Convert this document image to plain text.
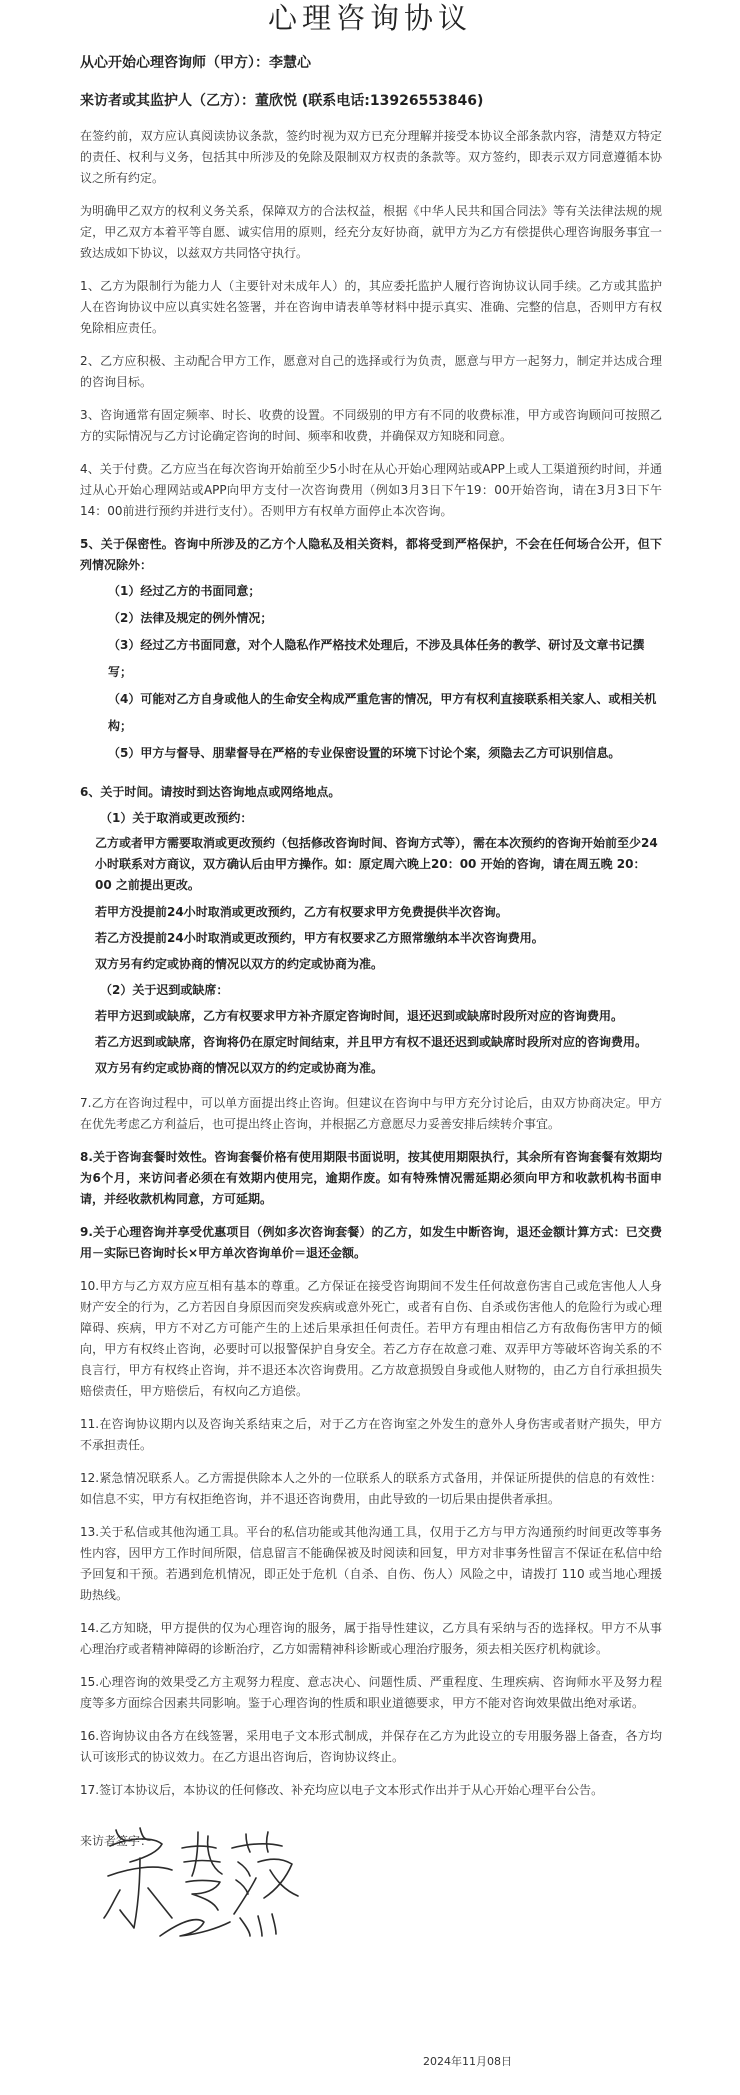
心理咨询协议
从心开始心理咨询师（甲方）：李慧心
来访者或其监护人（乙方）：董欣悦 (联系电话:13926553846)

在签约前，双方应认真阅读协议条款，签约时视为双方已充分理解并接受本协议全部条款内容，清楚双方特定的责任、权利与义务，包括其中所涉及的免除及限制双方权责的条款等。双方签约，即表示双方同意遵循本协议之所有约定。

为明确甲乙双方的权利义务关系，保障双方的合法权益，根据《中华人民共和国合同法》等有关法律法规的规定，甲乙双方本着平等自愿、诚实信用的原则，经充分友好协商，就甲方为乙方有偿提供心理咨询服务事宜一致达成如下协议，以兹双方共同恪守执行。

1、乙方为限制行为能力人（主要针对未成年人）的，其应委托监护人履行咨询协议认同手续。乙方或其监护人在咨询协议中应以真实姓名签署，并在咨询申请表单等材料中提示真实、准确、完整的信息，否则甲方有权免除相应责任。

2、乙方应积极、主动配合甲方工作，愿意对自己的选择或行为负责，愿意与甲方一起努力，制定并达成合理的咨询目标。

3、咨询通常有固定频率、时长、收费的设置。不同级别的甲方有不同的收费标准，甲方或咨询顾问可按照乙方的实际情况与乙方讨论确定咨询的时间、频率和收费，并确保双方知晓和同意。

4、关于付费。乙方应当在每次咨询开始前至少5小时在从心开始心理网站或APP上或人工渠道预约时间，并通过从心开始心理网站或APP向甲方支付一次咨询费用（例如3月3日下午19：00开始咨询，请在3月3日下午14：00前进行预约并进行支付）。否则甲方有权单方面停止本次咨询。

5、关于保密性。咨询中所涉及的乙方个人隐私及相关资料，都将受到严格保护，不会在任何场合公开，但下列情况除外：

（1）经过乙方的书面同意；
（2）法律及规定的例外情况；
（3）经过乙方书面同意，对个人隐私作严格技术处理后，不涉及具体任务的教学、研讨及文章书记撰写；
（4）可能对乙方自身或他人的生命安全构成严重危害的情况，甲方有权利直接联系相关家人、或相关机构；
（5）甲方与督导、朋辈督导在严格的专业保密设置的环境下讨论个案，须隐去乙方可识别信息。
6、关于时间。请按时到达咨询地点或网络地点。
（1）关于取消或更改预约：
乙方或者甲方需要取消或更改预约（包括修改咨询时间、咨询方式等），需在本次预约的咨询开始前至少24小时联系对方商议，双方确认后由甲方操作。如：原定周六晚上20：00 开始的咨询，请在周五晚 20：00 之前提出更改。
若甲方没提前24小时取消或更改预约，乙方有权要求甲方免费提供半次咨询。
若乙方没提前24小时取消或更改预约，甲方有权要求乙方照常缴纳本半次咨询费用。
双方另有约定或协商的情况以双方的约定或协商为准。
（2）关于迟到或缺席：
若甲方迟到或缺席，乙方有权要求甲方补齐原定咨询时间，退还迟到或缺席时段所对应的咨询费用。
若乙方迟到或缺席，咨询将仍在原定时间结束，并且甲方有权不退还迟到或缺席时段所对应的咨询费用。
双方另有约定或协商的情况以双方的约定或协商为准。

7.乙方在咨询过程中，可以单方面提出终止咨询。但建议在咨询中与甲方充分讨论后，由双方协商决定。甲方在优先考虑乙方利益后，也可提出终止咨询，并根据乙方意愿尽力妥善安排后续转介事宜。

8.关于咨询套餐时效性。咨询套餐价格有使用期限书面说明，按其使用期限执行，其余所有咨询套餐有效期均为6个月，来访问者必须在有效期内使用完，逾期作废。如有特殊情况需延期必须向甲方和收款机构书面申请，并经收款机构同意，方可延期。

9.关于心理咨询并享受优惠项目（例如多次咨询套餐）的乙方，如发生中断咨询，退还金额计算方式：已交费用－实际已咨询时长×甲方单次咨询单价＝退还金额。

10.甲方与乙方双方应互相有基本的尊重。乙方保证在接受咨询期间不发生任何故意伤害自己或危害他人人身财产安全的行为，乙方若因自身原因而突发疾病或意外死亡，或者有自伤、自杀或伤害他人的危险行为或心理障碍、疾病，甲方不对乙方可能产生的上述后果承担任何责任。若甲方有理由相信乙方有敌侮伤害甲方的倾向，甲方有权终止咨询，必要时可以报警保护自身安全。若乙方存在故意刁难、双弄甲方等破坏咨询关系的不良言行，甲方有权终止咨询，并不退还本次咨询费用。乙方故意损毁自身或他人财物的，由乙方自行承担损失赔偿责任，甲方赔偿后，有权向乙方追偿。

11.在咨询协议期内以及咨询关系结束之后，对于乙方在咨询室之外发生的意外人身伤害或者财产损失，甲方不承担责任。

12.紧急情况联系人。乙方需提供除本人之外的一位联系人的联系方式备用，并保证所提供的信息的有效性：如信息不实，甲方有权拒绝咨询，并不退还咨询费用，由此导致的一切后果由提供者承担。

13.关于私信或其他沟通工具。平台的私信功能或其他沟通工具，仅用于乙方与甲方沟通预约时间更改等事务性内容，因甲方工作时间所限，信息留言不能确保被及时阅读和回复，甲方对非事务性留言不保证在私信中给予回复和干预。若遇到危机情况，即正处于危机（自杀、自伤、伤人）风险之中，请拨打 110 或当地心理援助热线。

14.乙方知晓，甲方提供的仅为心理咨询的服务，属于指导性建议，乙方具有采纳与否的选择权。甲方不从事心理治疗或者精神障碍的诊断治疗，乙方如需精神科诊断或心理治疗服务，须去相关医疗机构就诊。

15.心理咨询的效果受乙方主观努力程度、意志决心、问题性质、严重程度、生理疾病、咨询师水平及努力程度等多方面综合因素共同影响。鉴于心理咨询的性质和职业道德要求，甲方不能对咨询效果做出绝对承诺。

16.咨询协议由各方在线签署，采用电子文本形式制成，并保存在乙方为此设立的专用服务器上备查，各方均认可该形式的协议效力。在乙方退出咨询后，咨询协议终止。

17.签订本协议后，本协议的任何修改、补充均应以电子文本形式作出并于从心开始心理平台公告。

来访者签字：
2024年11月08日
